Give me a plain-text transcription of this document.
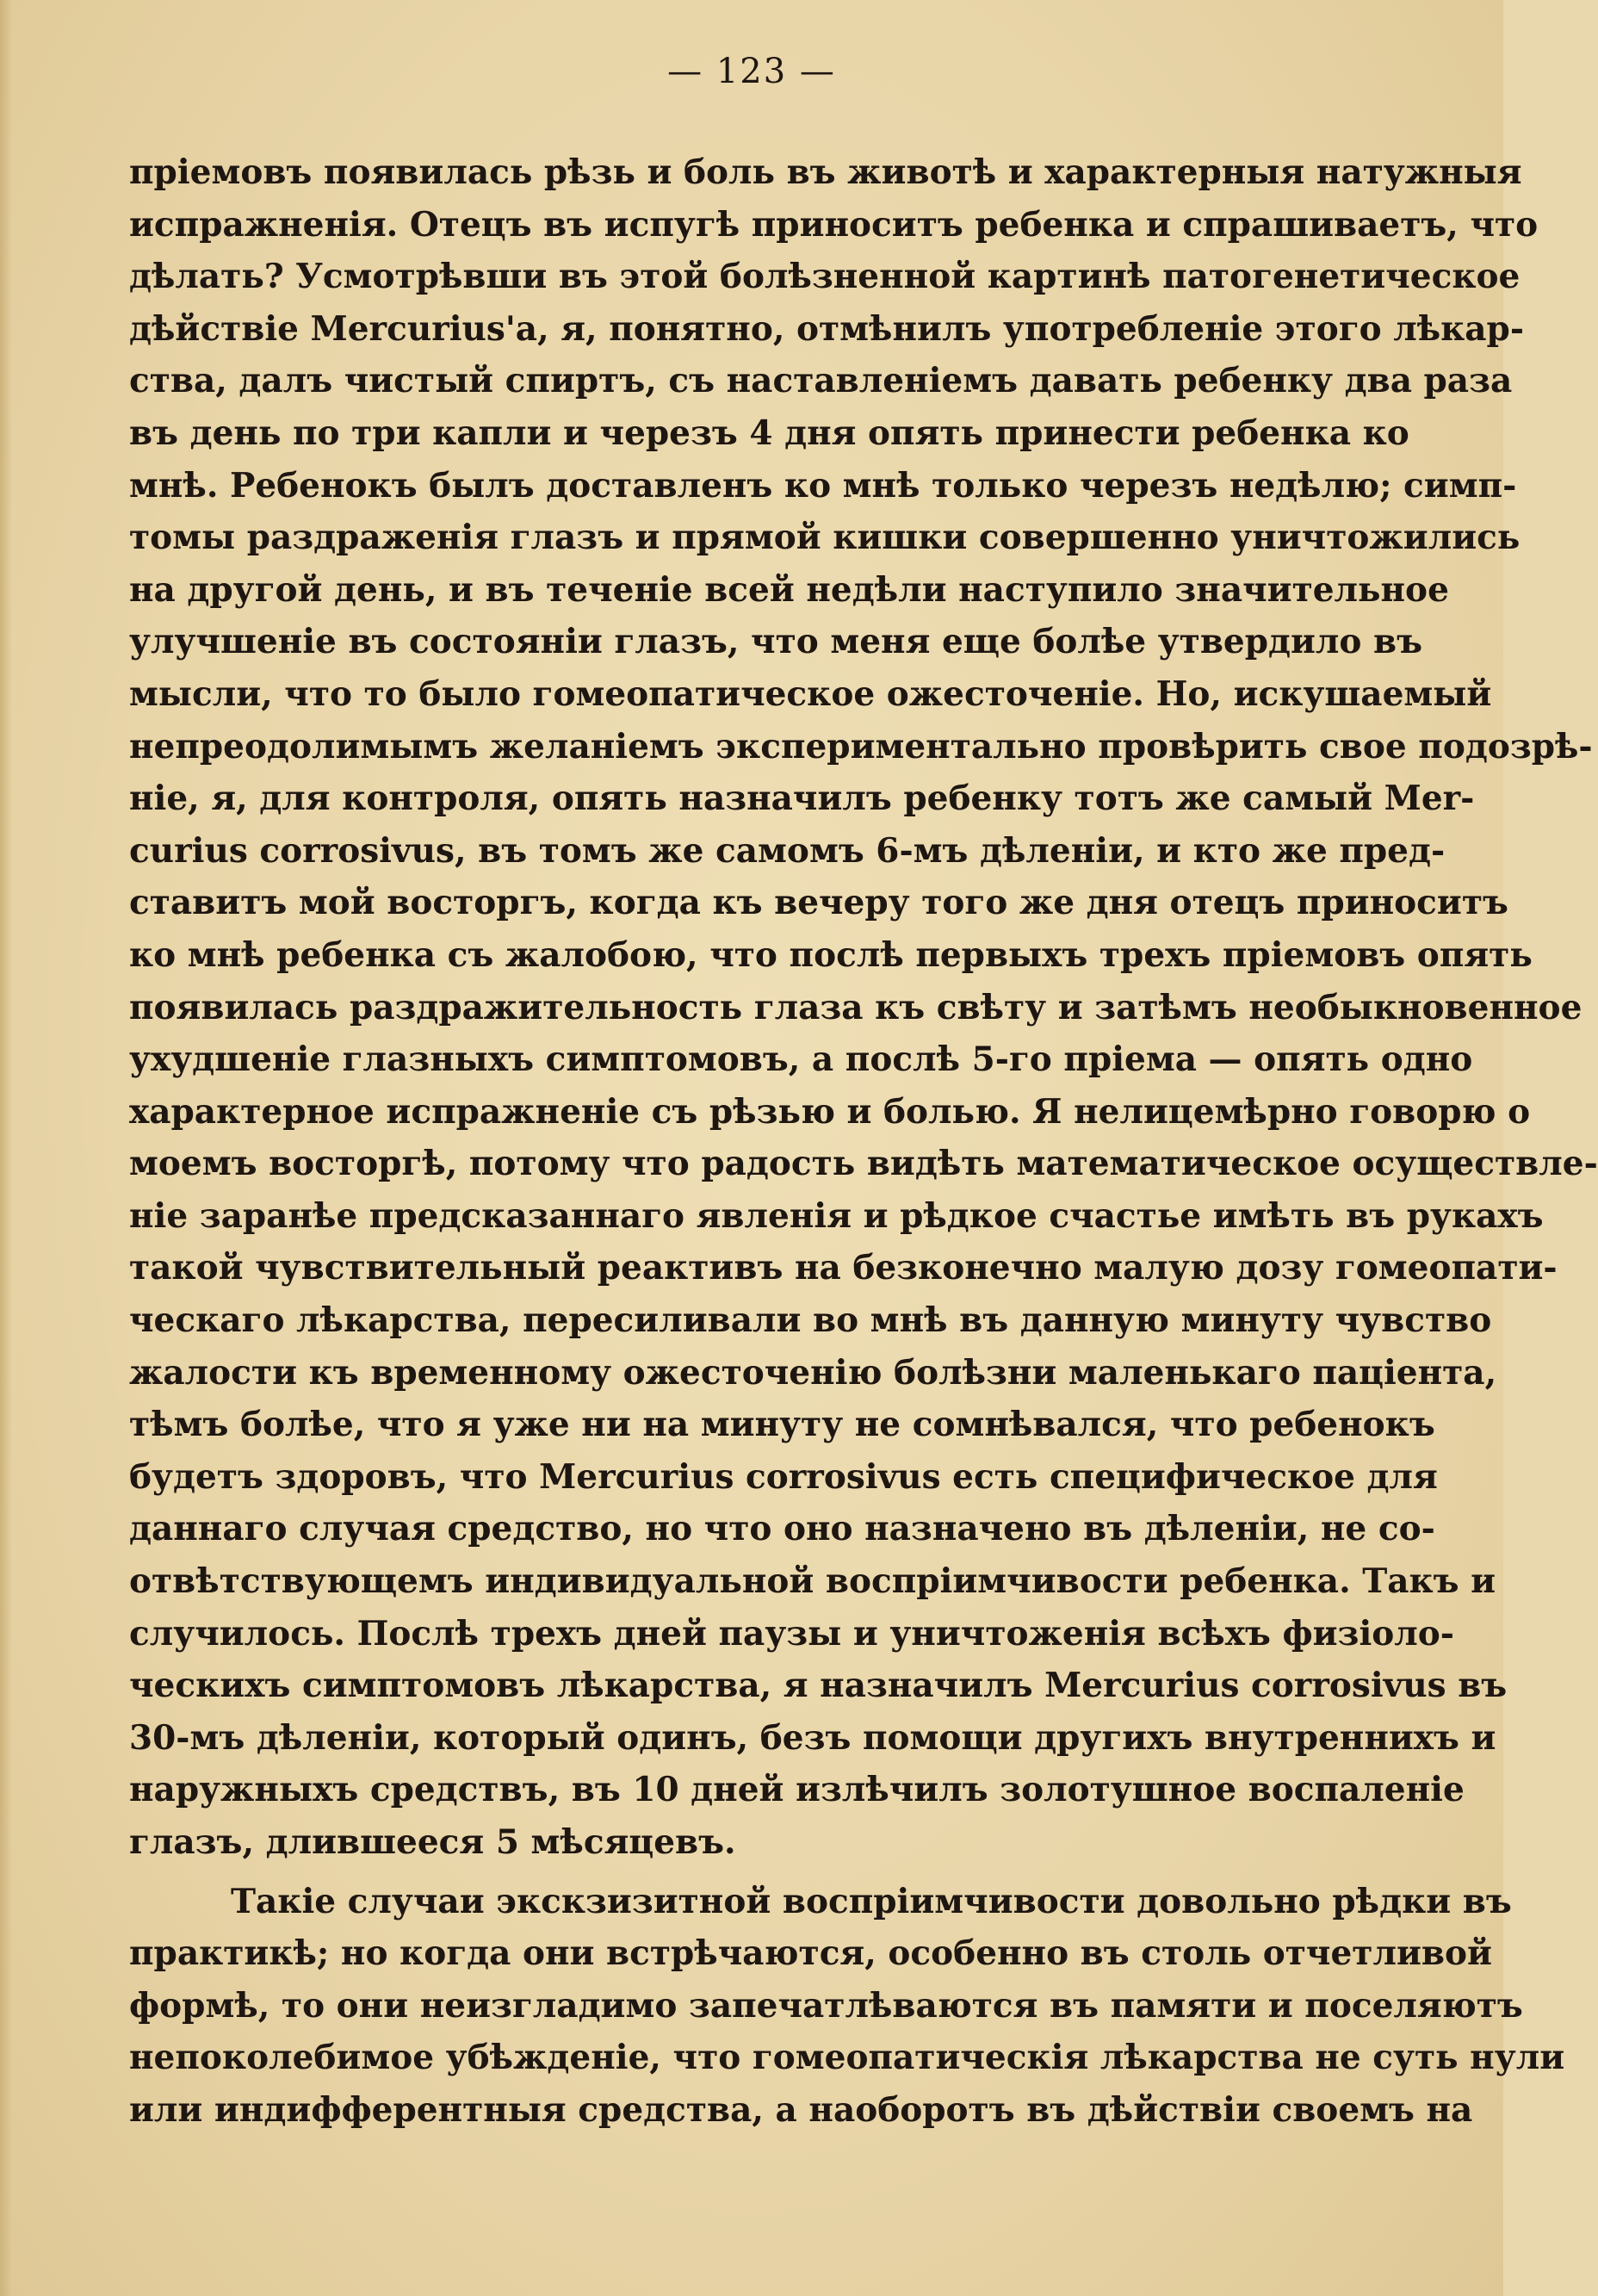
— 123 —
пріемовъ появилась рѣзь и боль въ животѣ и характерныя натужныя
испражненія. Отецъ въ испугѣ приноситъ ребенка и спрашиваетъ, что
дѣлать? Усмотрѣвши въ этой болѣзненной картинѣ патогенетическое
дѣйствіе Mercurius'a, я, понятно, отмѣнилъ употребленіе этого лѣкар-
ства, далъ чистый спиртъ, съ наставленіемъ давать ребенку два раза
въ день по три капли и черезъ 4 дня опять принести ребенка ко
мнѣ. Ребенокъ былъ доставленъ ко мнѣ только черезъ недѣлю; симп-
томы раздраженія глазъ и прямой кишки совершенно уничтожились
на другой день, и въ теченіе всей недѣли наступило значительное
улучшеніе въ состояніи глазъ, что меня еще болѣе утвердило въ
мысли, что то было гомеопатическое ожесточеніе. Но, искушаемый
непреодолимымъ желаніемъ экспериментально провѣрить свое подозрѣ-
ніе, я, для контроля, опять назначилъ ребенку тотъ же самый Mer-
curius corrosivus, въ томъ же самомъ 6-мъ дѣленіи, и кто же пред-
ставитъ мой восторгъ, когда къ вечеру того же дня отецъ приноситъ
ко мнѣ ребенка съ жалобою, что послѣ первыхъ трехъ пріемовъ опять
появилась раздражительность глаза къ свѣту и затѣмъ необыкновенное
ухудшеніе глазныхъ симптомовъ, а послѣ 5-го пріема — опять одно
характерное испражненіе съ рѣзью и болью. Я нелицемѣрно говорю о
моемъ восторгѣ, потому что радость видѣть математическое осуществле-
ніе заранѣе предсказаннаго явленія и рѣдкое счастье имѣть въ рукахъ
такой чувствительный реактивъ на безконечно малую дозу гомеопати-
ческаго лѣкарства, пересиливали во мнѣ въ данную минуту чувство
жалости къ временному ожесточенію болѣзни маленькаго паціента,
тѣмъ болѣе, что я уже ни на минуту не сомнѣвался, что ребенокъ
будетъ здоровъ, что Mercurius corrosivus есть специфическое для
даннаго случая средство, но что оно назначено въ дѣленіи, не со-
отвѣтствующемъ индивидуальной воспріимчивости ребенка. Такъ и
случилось. Послѣ трехъ дней паузы и уничтоженія всѣхъ физіоло-
ческихъ симптомовъ лѣкарства, я назначилъ Mercurius corrosivus въ
30-мъ дѣленіи, который одинъ, безъ помощи другихъ внутреннихъ и
наружныхъ средствъ, въ 10 дней излѣчилъ золотушное воспаленіе
глазъ, длившееся 5 мѣсяцевъ.
Такіе случаи экскзизитной воспріимчивости довольно рѣдки въ
практикѣ; но когда они встрѣчаются, особенно въ столь отчетливой
формѣ, то они неизгладимо запечатлѣваются въ памяти и поселяютъ
непоколебимое убѣжденіе, что гомеопатическія лѣкарства не суть нули
или индифферентныя средства, а наоборотъ въ дѣйствіи своемъ на
